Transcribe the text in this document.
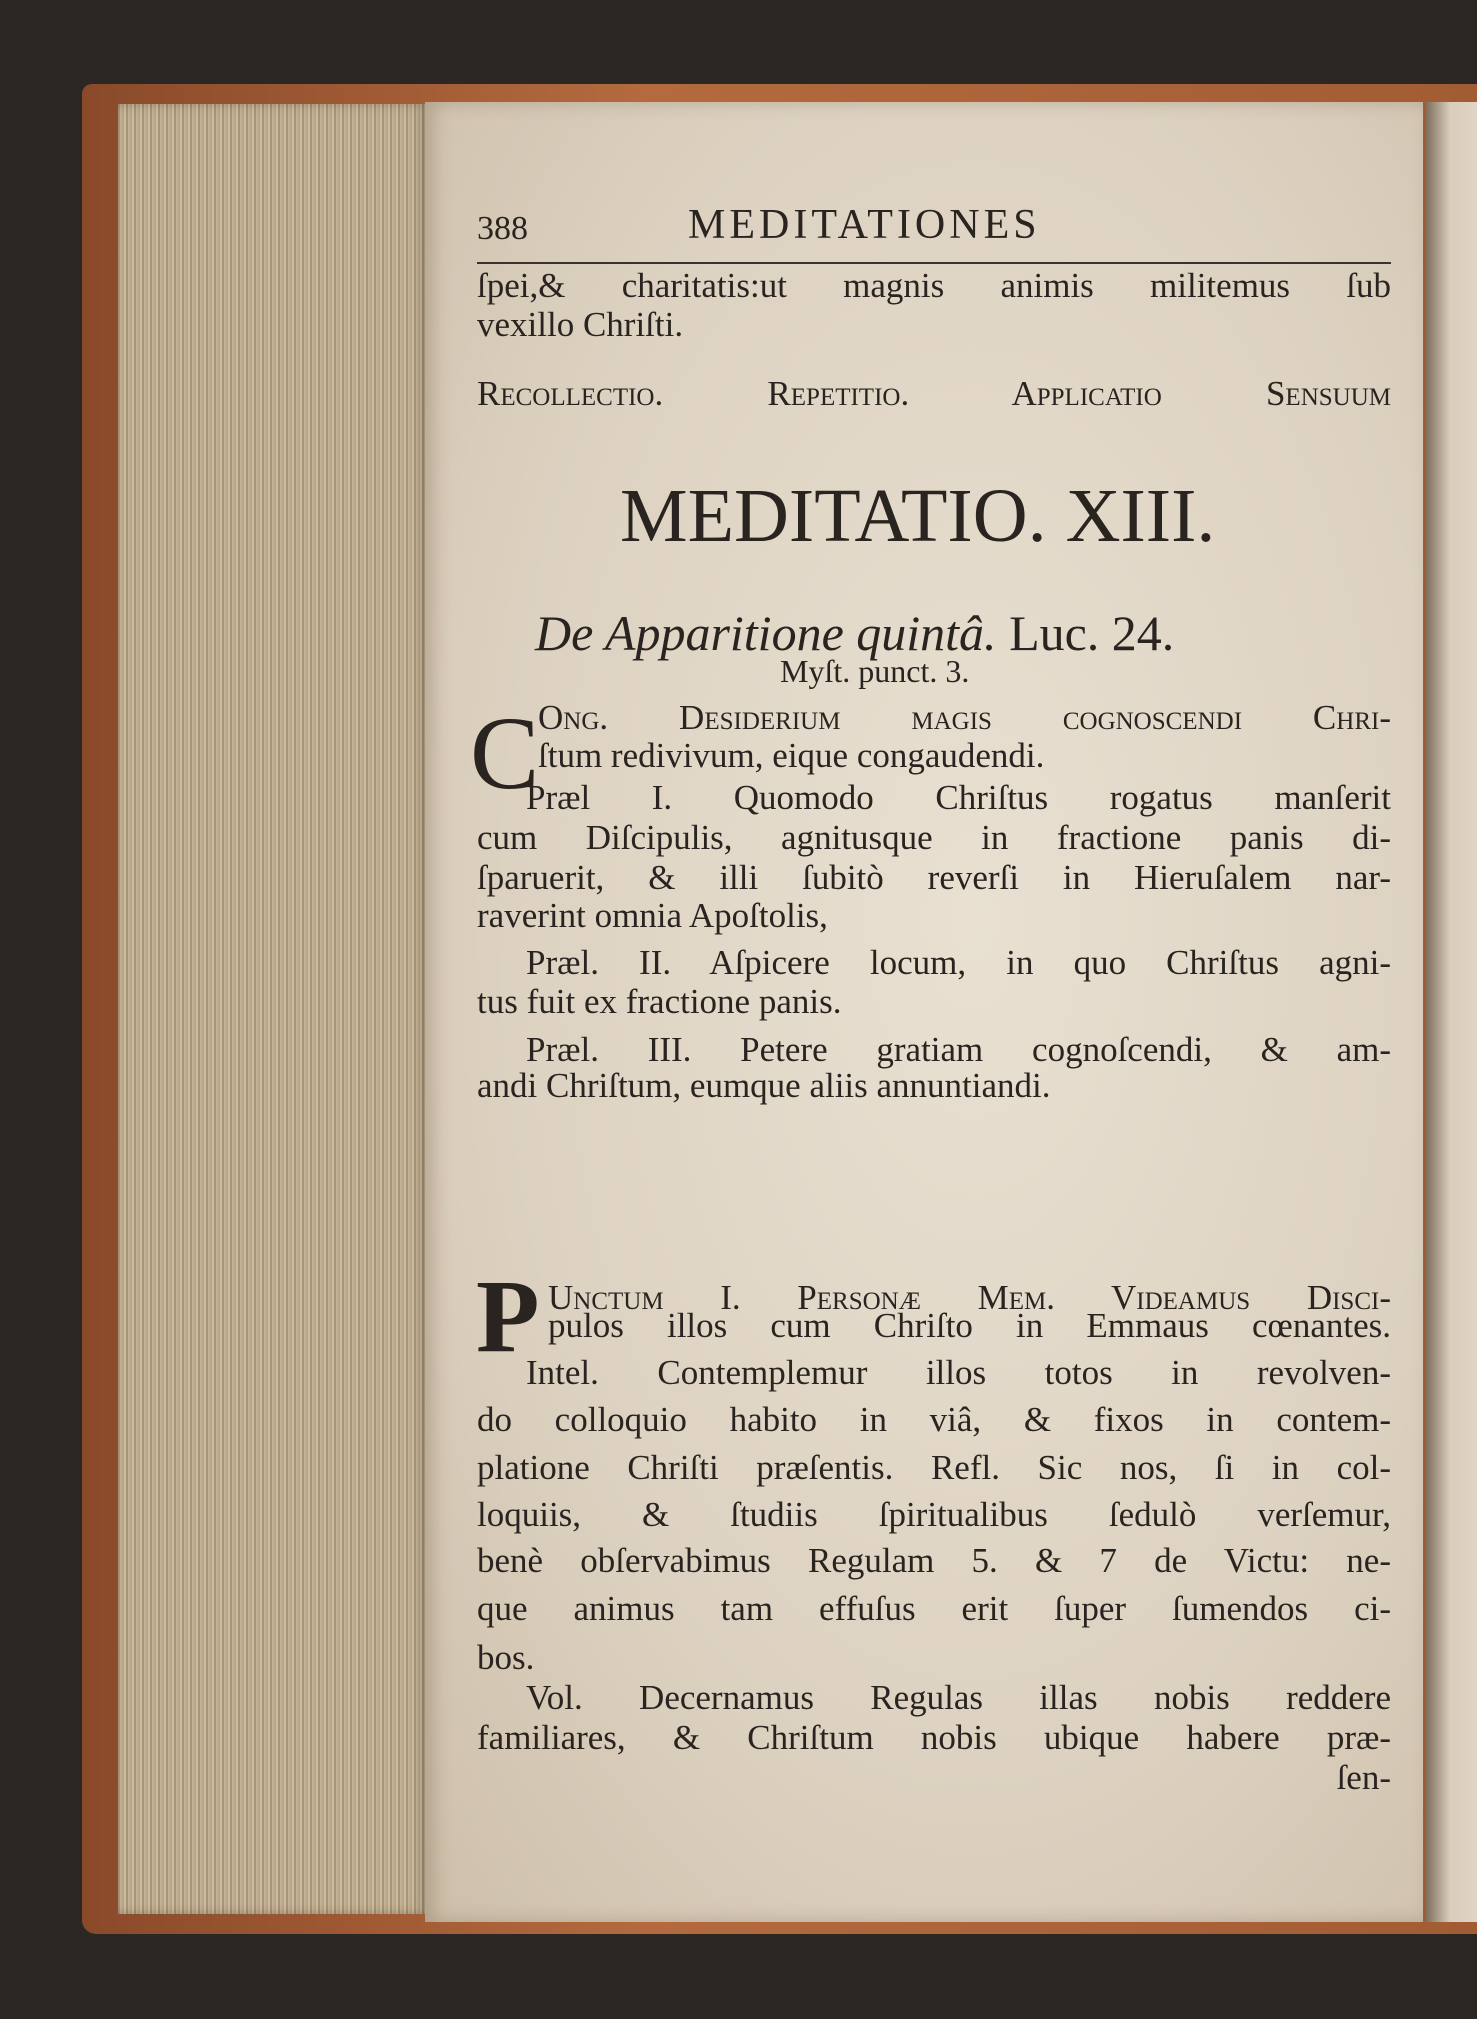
388	MEDITATIONES
ſpei,& charitatis:ut magnis animis militemus ſub
vexillo Chriſti.
Recollectio. Repetitio. Applicatio Sensuum
MEDITATIO. XIII.
De Apparitione quintâ. Luc. 24.
Myſt. punct. 3.
C
Ong. Deſiderium magis cognoſcendi Chri-
ſtum redivivum, eique congaudendi.
Præl I. Quomodo Chriſtus rogatus manſerit
cum Diſcipulis, agnitusque in fractione panis di-
ſparuerit, & illi ſubitò reverſi in Hieruſalem nar-
raverint omnia Apoſtolis,
Præl. II. Aſpicere locum, in quo Chriſtus agni-
tus fuit ex fractione panis.
Præl. III. Petere gratiam cognoſcendi, & am-
andi Chriſtum, eumque aliis annuntiandi.
P Unctum I. Personæ Mem. Videamus Diſci-
pulos illos cum Chriſto in Emmaus cœnantes.
Intel. Contemplemur illos totos in revolven-
do colloquio habito in viâ, & fixos in contem-
platione Chriſti præſentis. Refl. Sic nos, ſi in col-
loquiis, & ſtudiis ſpiritualibus ſedulò verſemur,
benè obſervabimus Regulam 5. & 7 de Victu: ne-
que animus tam effuſus erit ſuper ſumendos ci-
bos.
Vol. Decernamus Regulas illas nobis reddere
familiares, & Chriſtum nobis ubique habere præ-
ſen-
